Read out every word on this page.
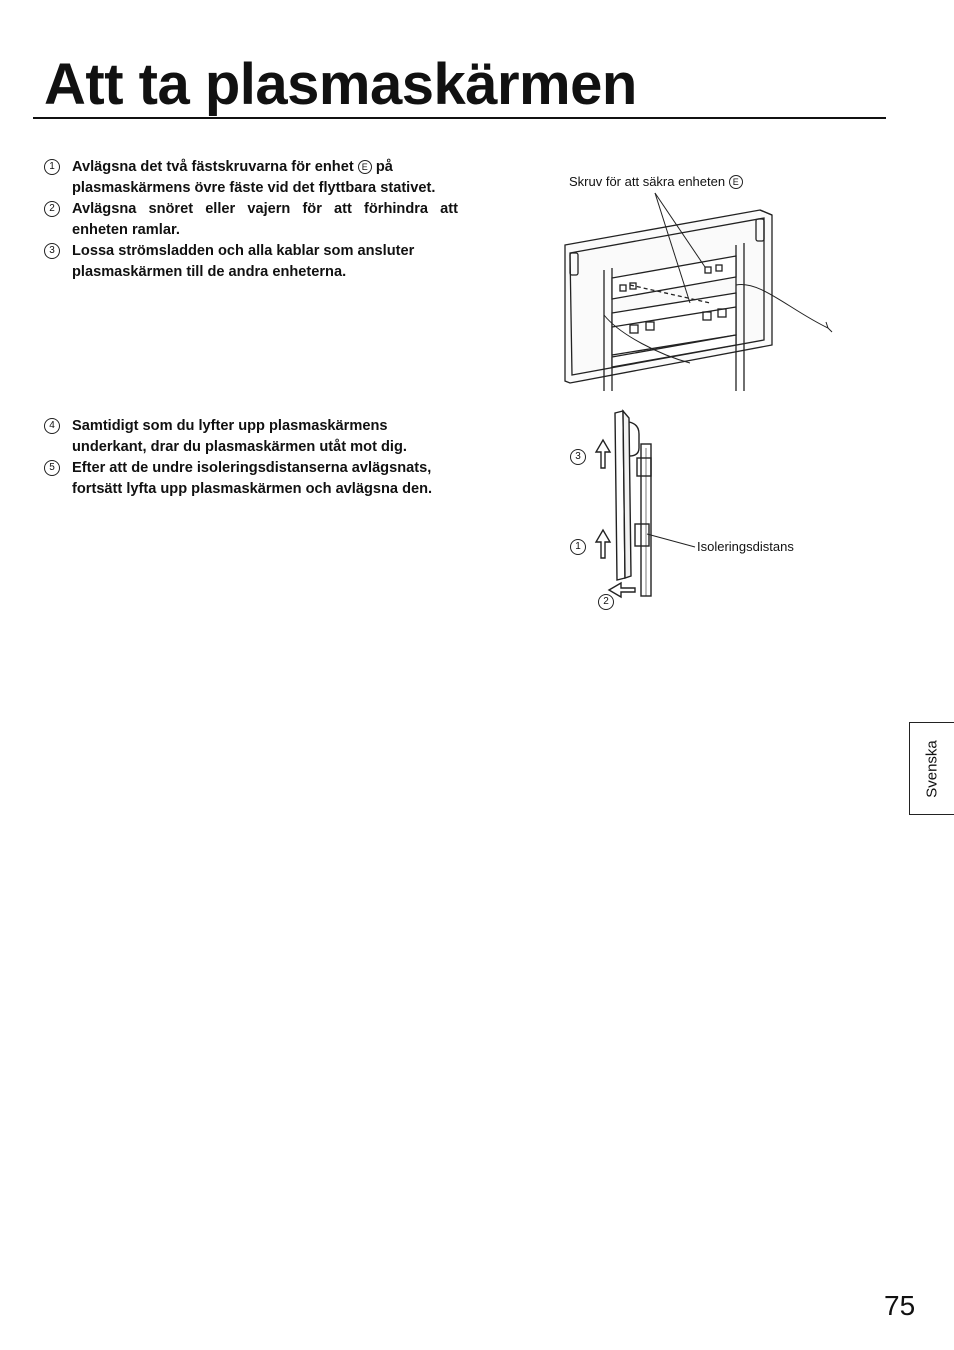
Att ta plasmaskärmen
1	Avlägsna det två fästskruvarna för enhet E på plasmaskärmens övre fäste vid det flyttbara stativet.
2	Avlägsna snöret eller vajern för att förhindra att enheten ramlar.
3	Lossa strömsladden och alla kablar som ansluter plasmaskärmen till de andra enheterna.
4	Samtidigt som du lyfter upp plasmaskärmens underkant, drar du plasmaskärmen utåt mot dig.
5	Efter att de undre isoleringsdistanserna avlägsnats, fortsätt lyfta upp plasmaskärmen och avlägsna den.
Skruv för att säkra enheten E
3
1
2
Isoleringsdistans
Svenska
75
